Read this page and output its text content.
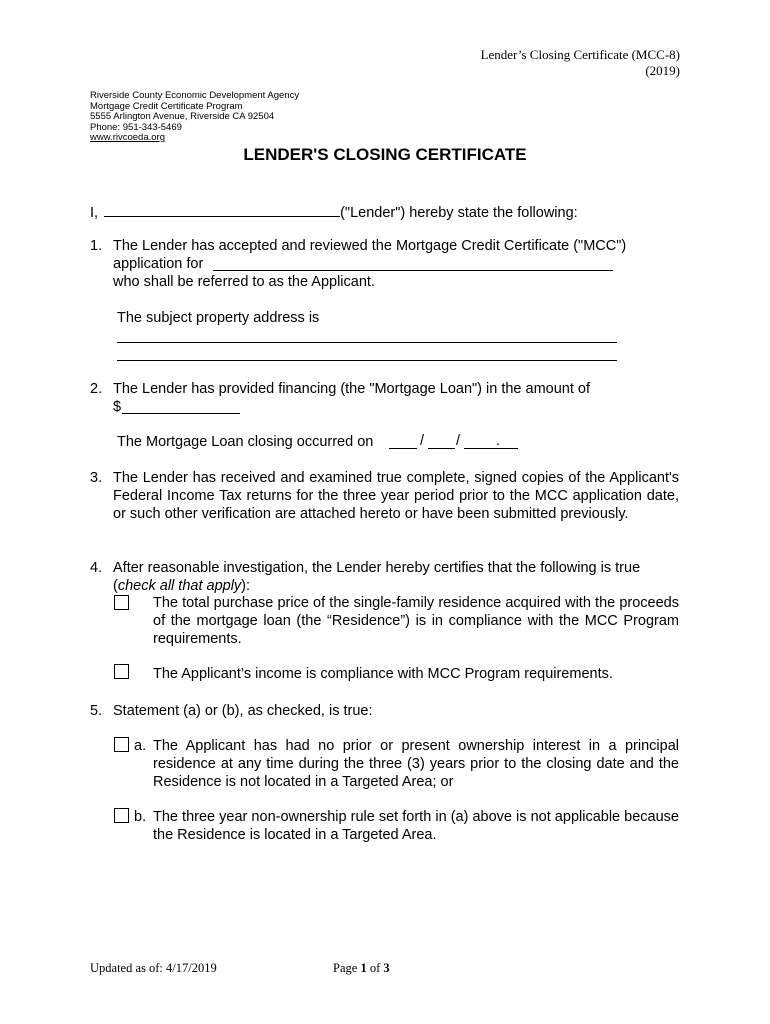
Lender’s Closing Certificate (MCC-8)
(2019)
Riverside County Economic Development Agency
Mortgage Credit Certificate Program
5555 Arlington Avenue, Riverside CA 92504
Phone: 951-343-5469
www.rivcoeda.org
LENDER'S CLOSING CERTIFICATE
I,	("Lender") hereby state the following:
1. The Lender has accepted and reviewed the Mortgage Credit Certificate ("MCC")
application for
who shall be referred to as the Applicant.
The subject property address is
2. The Lender has provided financing (the "Mortgage Loan") in the amount of
$
The Mortgage Loan closing occurred on	/ / .
3. The Lender has received and examined true complete, signed copies of the Applicant's Federal Income Tax returns for the three year period prior to the MCC application date, or such other verification are attached hereto or have been submitted previously.
4. After reasonable investigation, the Lender hereby certifies that the following is true
(check all that apply):
The total purchase price of the single-family residence acquired with the proceeds of the mortgage loan (the “Residence”) is in compliance with the MCC Program requirements.
The Applicant’s income is compliance with MCC Program requirements.
5. Statement (a) or (b), as checked, is true:
a. The Applicant has had no prior or present ownership interest in a principal residence at any time during the three (3) years prior to the closing date and the Residence is not located in a Targeted Area; or
b. The three year non-ownership rule set forth in (a) above is not applicable because the Residence is located in a Targeted Area.
Updated as of: 4/17/2019	Page 1 of 3
